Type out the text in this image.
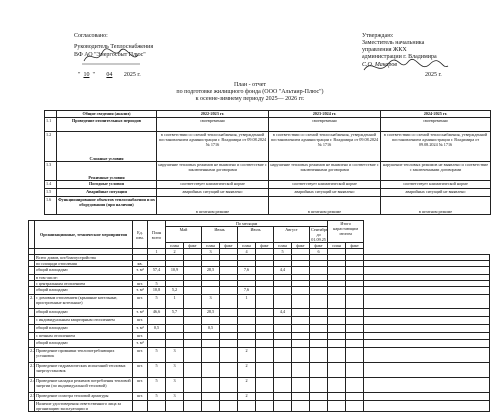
Согласовано:
Руководитель Теплоснабжения
ВФ АО "Энергосбыт Плюс"
" 10 " 04 2025 г.
Утверждаю:
Заместитель начальника
управления ЖКХ
администрации г. Владимира
С.О. Макаров
2025 г.
План - отчет
по подготовке жилищного фонда (ООО "Альтаир-Плюс")
к осенне-зимнему периоду 2025— 2026 гг.
	Общие сведения (анализ)	2022-2023 гг.	2023-2024 гг.	2024-2025 гг.
1.1	Проведение отопительных периодов	своевременно	своевременно	своевременно
1.2	Сложные условия	в соответствии со схемой теплоснабжения, утвержденной постановлением администрации г. Владимира от 09.08.2024 № 1716	в соответствии со схемой теплоснабжения, утвержденной постановлением администрации г. Владимира от 09.08.2024 № 1716	в соответствии со схемой теплоснабжения, утвержденной постановлением администрации г. Владимира от 09.08.2024 № 1716
1.3	Режимные условия	нарушение тепловых режимов не выявлено и соответствие с заключенными договорами	нарушение тепловых режимов не выявлено и соответствие с заключенными договорами	нарушение тепловых режимов не выявлено и соответствие с заключенными договорами
1.4	Погодные условия	соответствует климатической норме	соответствует климатической норме	соответствует климатической норме
1.5	Аварийные ситуации	аварийных ситуаций не выявлено	аварийных ситуаций не выявлено	аварийных ситуаций не выявлено
1.6	Функционирование объектов теплоснабжения и их оборудования (при наличии)	в штатном режиме	в штатном режиме	в штатном режиме
	Организационные, технические мероприятия	Ед. изм.	План всего	По месяцам									Итого нарастающим итогом		
				Май		Июнь		Июль		Август		Сентябрь до 01.09.25			
				план	факт	план	факт	план	факт	план	факт	факт	план	факт	
			1	2		3		4		5		6			
	Всего домов, шт/благоустройства														
	по площади отопления	кв.													
	общий площадью	т. м²	57,4	10,9		28,5		7,6		4,4					
	в том числе:														
	с центральным отоплением	шт.	5												
	общий площадью	т. м²	10,8	5,2				7,6							
2.1	с домовым отоплением (крышные котельные, пристроенные котельные)	шт.	5	1		3		1							
	общий площадью	т. м²	46,6	5,7		28,5				4,4					
	с индивидуальным квартирным отоплением	шт.													
	общий площадью	т. м²	0,5			0,5									
	с печным отоплением	шт.													
	общий площадью	т. м²													
2.2	Проведение промывки теплопотребляющих установок	шт.	5	3				2							
2.3	Проведение гидравлических испытаний тепловых энергоустановок	шт.	5	3				2							
2.4	Проведение наладки режимов потребления тепловой энергии (по индивидуальной тепловой)	шт.	5	3				2							
2.5	Проведение осмотра тепловой арматуры	шт.	5	3				2							
	Наличие удостоверения ответственного лица за организацию эксплуатации и														
